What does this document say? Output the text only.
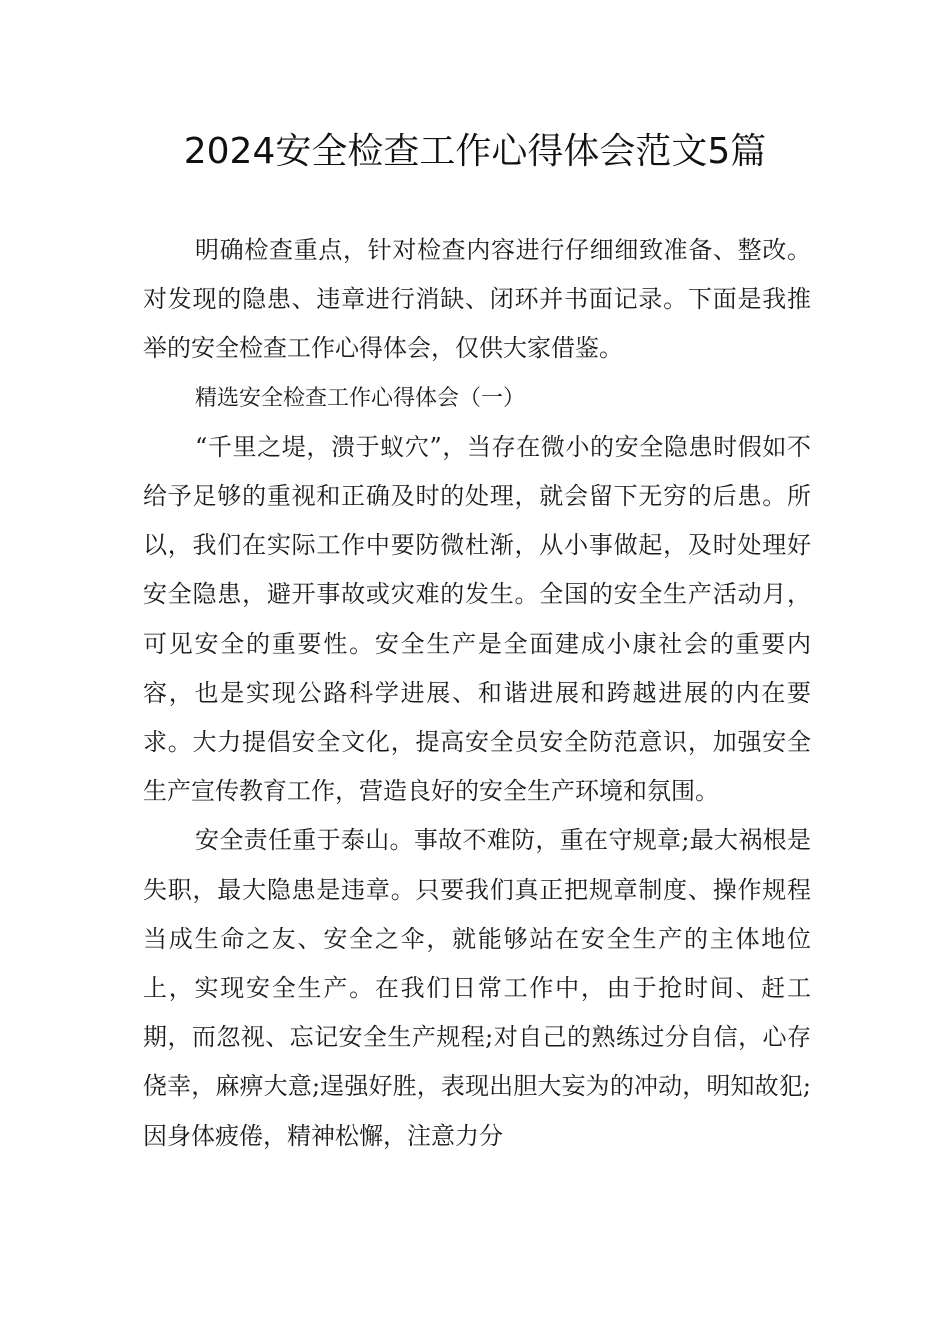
2024安全检查工作心得体会范文5篇

明确检查重点，针对检查内容进行仔细细致准备、整改。对发现的隐患、违章进行消缺、闭环并书面记录。下面是我推举的安全检查工作心得体会，仅供大家借鉴。

精选安全检查工作心得体会（一）

“千里之堤，溃于蚁穴”，当存在微小的安全隐患时假如不给予足够的重视和正确及时的处理，就会留下无穷的后患。所以，我们在实际工作中要防微杜渐，从小事做起，及时处理好安全隐患，避开事故或灾难的发生。全国的安全生产活动月，可见安全的重要性。安全生产是全面建成小康社会的重要内容，也是实现公路科学进展、和谐进展和跨越进展的内在要求。大力提倡安全文化，提高安全员安全防范意识，加强安全生产宣传教育工作，营造良好的安全生产环境和氛围。

安全责任重于泰山。事故不难防，重在守规章;最大祸根是失职，最大隐患是违章。只要我们真正把规章制度、操作规程当成生命之友、安全之伞，就能够站在安全生产的主体地位上，实现安全生产。在我们日常工作中，由于抢时间、赶工期，而忽视、忘记安全生产规程;对自己的熟练过分自信，心存侥幸，麻痹大意;逞强好胜，表现出胆大妄为的冲动，明知故犯;因身体疲倦，精神松懈，注意力分
